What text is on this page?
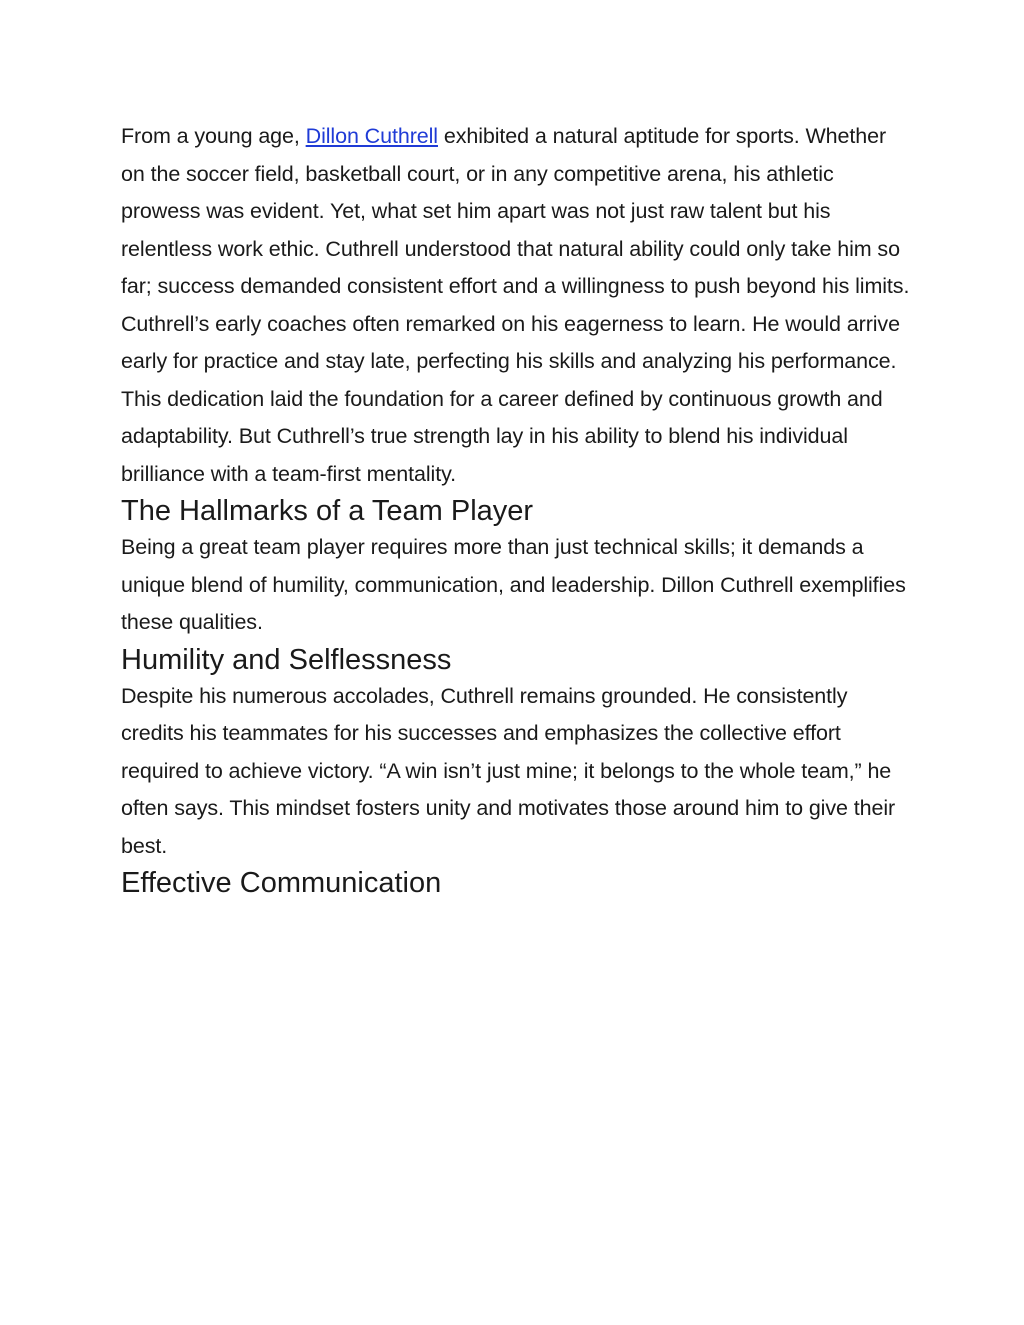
From a young age, Dillon Cuthrell exhibited a natural aptitude for sports. Whether on the soccer field, basketball court, or in any competitive arena, his athletic prowess was evident. Yet, what set him apart was not just raw talent but his relentless work ethic. Cuthrell understood that natural ability could only take him so far; success demanded consistent effort and a willingness to push beyond his limits.

Cuthrell’s early coaches often remarked on his eagerness to learn. He would arrive early for practice and stay late, perfecting his skills and analyzing his performance. This dedication laid the foundation for a career defined by continuous growth and adaptability. But Cuthrell’s true strength lay in his ability to blend his individual brilliance with a team-first mentality.

The Hallmarks of a Team Player

Being a great team player requires more than just technical skills; it demands a unique blend of humility, communication, and leadership. Dillon Cuthrell exemplifies these qualities.

Humility and Selflessness

Despite his numerous accolades, Cuthrell remains grounded. He consistently credits his teammates for his successes and emphasizes the collective effort required to achieve victory. “A win isn’t just mine; it belongs to the whole team,” he often says. This mindset fosters unity and motivates those around him to give their best.

Effective Communication
